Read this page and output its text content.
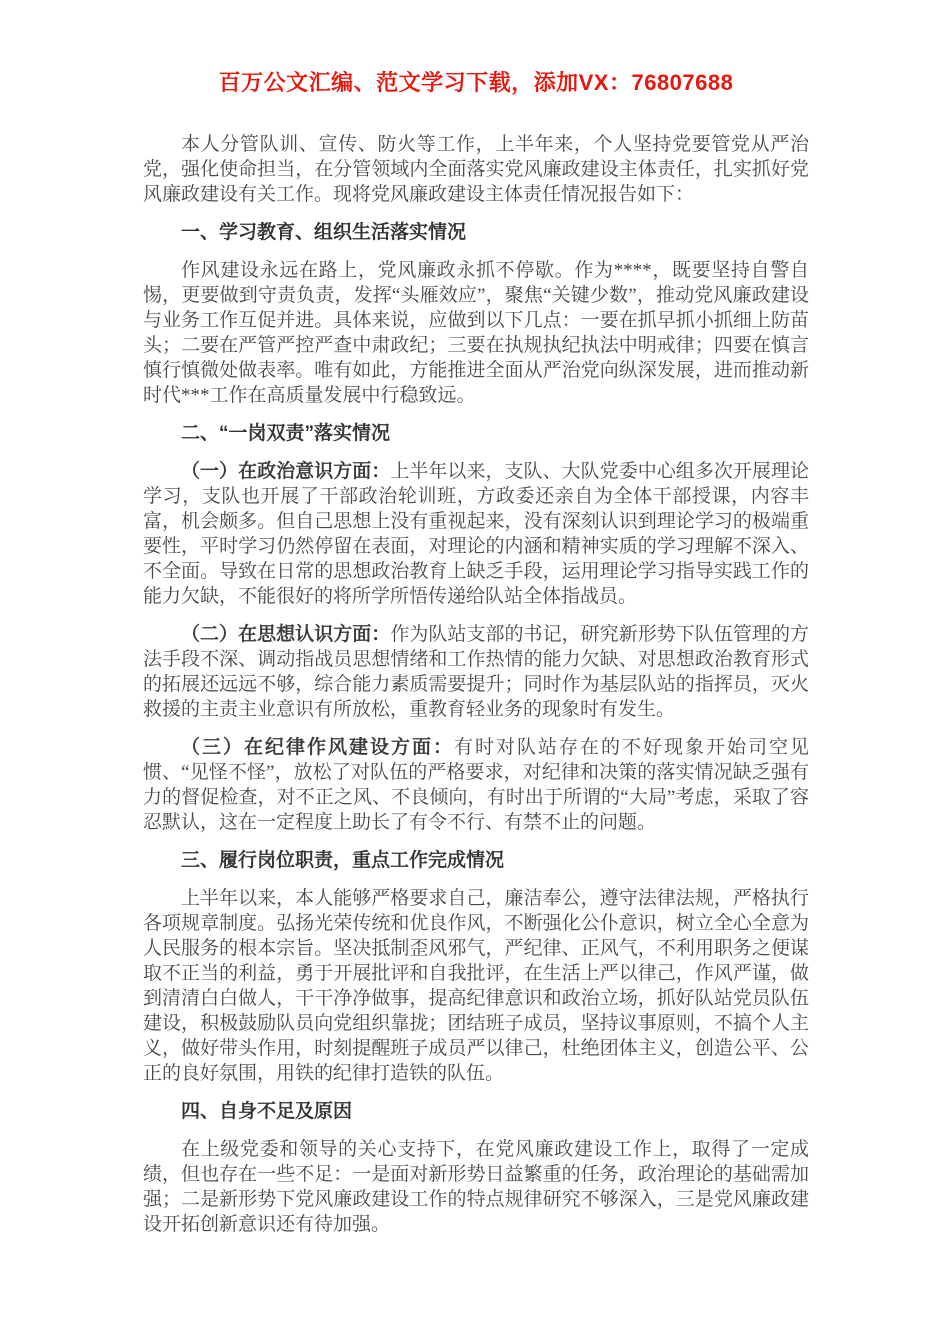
百万公文汇编、范文学习下载，添加VX：76807688

本人分管队训、宣传、防火等工作，上半年来，个人坚持党要管党从严治党，强化使命担当，在分管领域内全面落实党风廉政建设主体责任，扎实抓好党风廉政建设有关工作。现将党风廉政建设主体责任情况报告如下：

一、学习教育、组织生活落实情况

作风建设永远在路上，党风廉政永抓不停歇。作为****，既要坚持自警自惕，更要做到守责负责，发挥“头雁效应”，聚焦“关键少数”，推动党风廉政建设与业务工作互促并进。具体来说，应做到以下几点：一要在抓早抓小抓细上防苗头；二要在严管严控严查中肃政纪；三要在执规执纪执法中明戒律；四要在慎言慎行慎微处做表率。唯有如此，方能推进全面从严治党向纵深发展，进而推动新时代***工作在高质量发展中行稳致远。

二、“一岗双责”落实情况

（一）在政治意识方面：上半年以来，支队、大队党委中心组多次开展理论学习，支队也开展了干部政治轮训班，方政委还亲自为全体干部授课，内容丰富，机会颇多。但自己思想上没有重视起来，没有深刻认识到理论学习的极端重要性，平时学习仍然停留在表面，对理论的内涵和精神实质的学习理解不深入、不全面。导致在日常的思想政治教育上缺乏手段，运用理论学习指导实践工作的能力欠缺，不能很好的将所学所悟传递给队站全体指战员。

（二）在思想认识方面：作为队站支部的书记，研究新形势下队伍管理的方法手段不深、调动指战员思想情绪和工作热情的能力欠缺、对思想政治教育形式的拓展还远远不够，综合能力素质需要提升；同时作为基层队站的指挥员，灭火救援的主责主业意识有所放松，重教育轻业务的现象时有发生。

（三）在纪律作风建设方面：有时对队站存在的不好现象开始司空见惯、“见怪不怪”，放松了对队伍的严格要求，对纪律和决策的落实情况缺乏强有力的督促检查，对不正之风、不良倾向，有时出于所谓的“大局”考虑，采取了容忍默认，这在一定程度上助长了有令不行、有禁不止的问题。

三、履行岗位职责，重点工作完成情况

上半年以来，本人能够严格要求自己，廉洁奉公，遵守法律法规，严格执行各项规章制度。弘扬光荣传统和优良作风，不断强化公仆意识，树立全心全意为人民服务的根本宗旨。坚决抵制歪风邪气，严纪律、正风气，不利用职务之便谋取不正当的利益，勇于开展批评和自我批评，在生活上严以律己，作风严谨，做到清清白白做人，干干净净做事，提高纪律意识和政治立场，抓好队站党员队伍建设，积极鼓励队员向党组织靠拢；团结班子成员，坚持议事原则，不搞个人主义，做好带头作用，时刻提醒班子成员严以律己，杜绝团体主义，创造公平、公正的良好氛围，用铁的纪律打造铁的队伍。

四、自身不足及原因

在上级党委和领导的关心支持下，在党风廉政建设工作上，取得了一定成绩，但也存在一些不足：一是面对新形势日益繁重的任务，政治理论的基础需加强；二是新形势下党风廉政建设工作的特点规律研究不够深入，三是党风廉政建设开拓创新意识还有待加强。
